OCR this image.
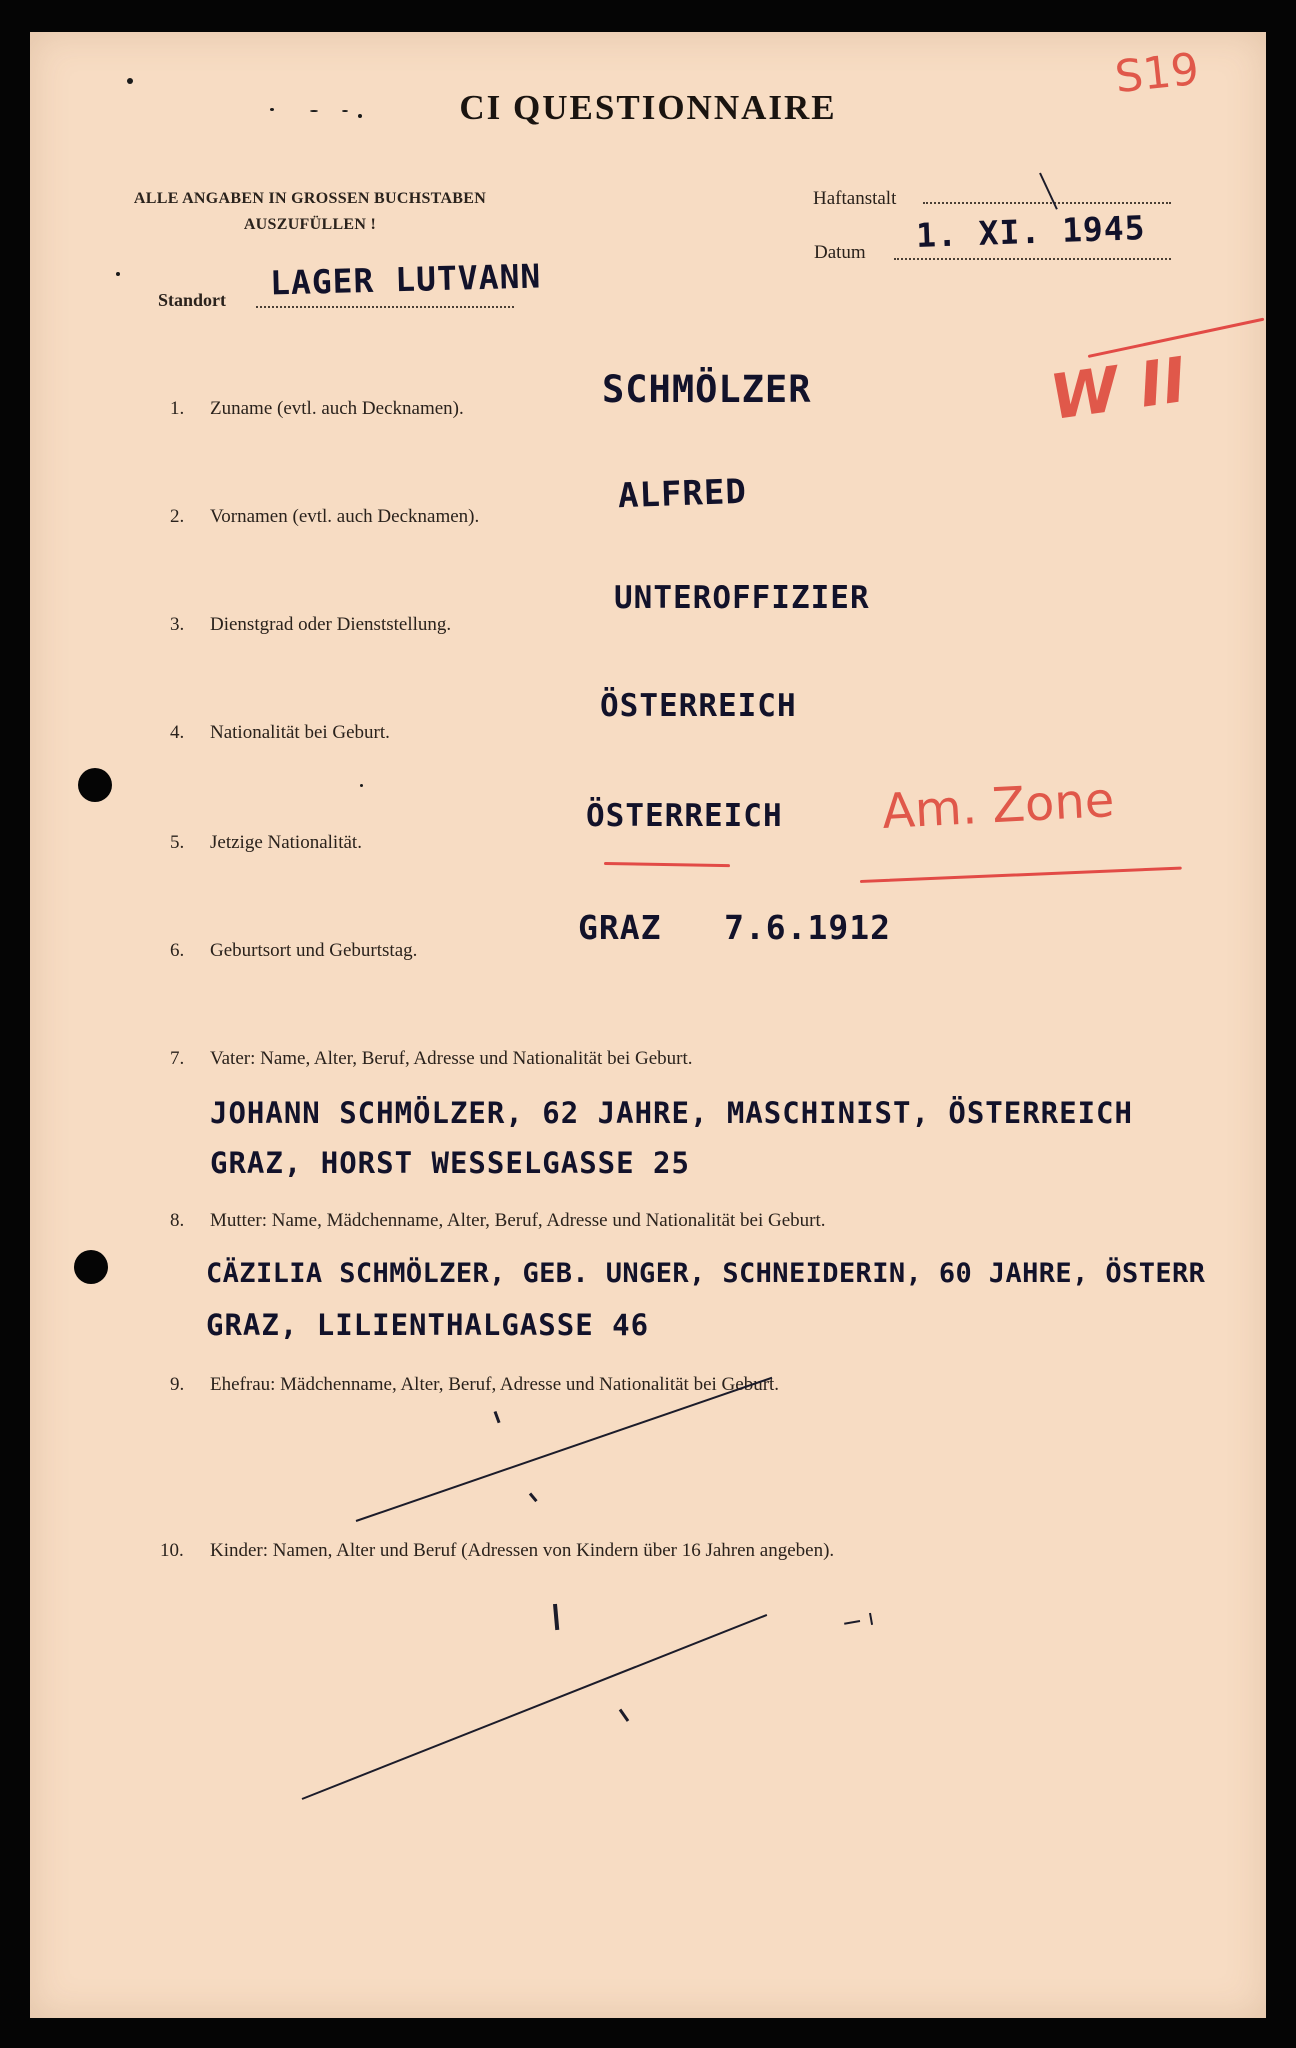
S19
CI QUESTIONNAIRE
ALLE ANGABEN IN GROSSEN BUCHSTABEN
AUSZUFÜLLEN !
Haftanstalt
Datum 1. XI. 1945
Standort LAGER LUTVANN
W II
1. Zuname (evtl. auch Decknamen).	SCHMÖLZER
2. Vornamen (evtl. auch Decknamen).
ALFRED
3. Dienstgrad oder Dienststellung.
UNTEROFFIZIER
4. Nationalität bei Geburt.
ÖSTERREICH
5. Jetzige Nationalität.
ÖSTERREICH Am. Zone
6. Geburtsort und Geburtstag.
GRAZ   7.6.1912
7. Vater: Name, Alter, Beruf, Adresse und Nationalität bei Geburt.
JOHANN SCHMÖLZER, 62 JAHRE, MASCHINIST, ÖSTERREICH
GRAZ, HORST WESSELGASSE 25
8. Mutter: Name, Mädchenname, Alter, Beruf, Adresse und Nationalität bei Geburt.
CÄZILIA SCHMÖLZER, GEB. UNGER, SCHNEIDERIN, 60 JAHRE, ÖSTERR
GRAZ, LILIENTHALGASSE 46
9. Ehefrau: Mädchenname, Alter, Beruf, Adresse und Nationalität bei Geburt.
10. Kinder: Namen, Alter und Beruf (Adressen von Kindern über 16 Jahren angeben).
